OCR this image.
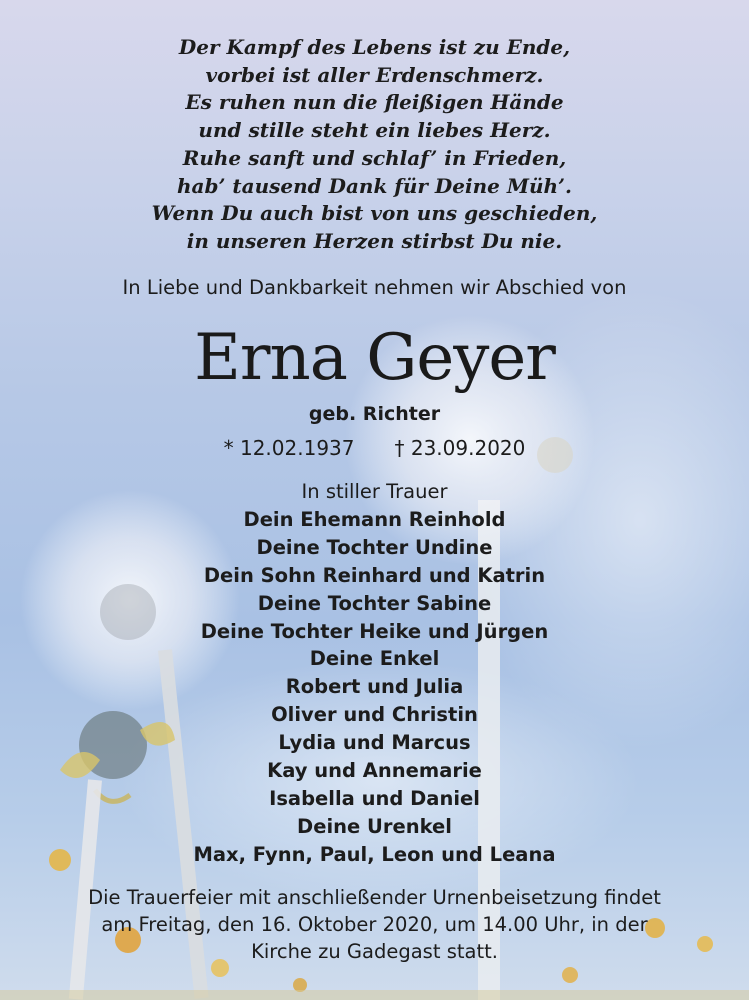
Der Kampf des Lebens ist zu Ende,
vorbei ist aller Erdenschmerz.
Es ruhen nun die fleißigen Hände
und stille steht ein liebes Herz.
Ruhe sanft und schlaf’ in Frieden,
hab’ tausend Dank für Deine Müh’.
Wenn Du auch bist von uns geschieden,
in unseren Herzen stirbst Du nie.
In Liebe und Dankbarkeit nehmen wir Abschied von
Erna Geyer
geb. Richter
* 12.02.1937 † 23.09.2020
In stiller Trauer
Dein Ehemann Reinhold
Deine Tochter Undine
Dein Sohn Reinhard und Katrin
Deine Tochter Sabine
Deine Tochter Heike und Jürgen
Deine Enkel
Robert und Julia
Oliver und Christin
Lydia und Marcus
Kay und Annemarie
Isabella und Daniel
Deine Urenkel
Max, Fynn, Paul, Leon und Leana
Die Trauerfeier mit anschließender Urnenbeisetzung findet
am Freitag, den 16. Oktober 2020, um 14.00 Uhr, in der
Kirche zu Gadegast statt.
